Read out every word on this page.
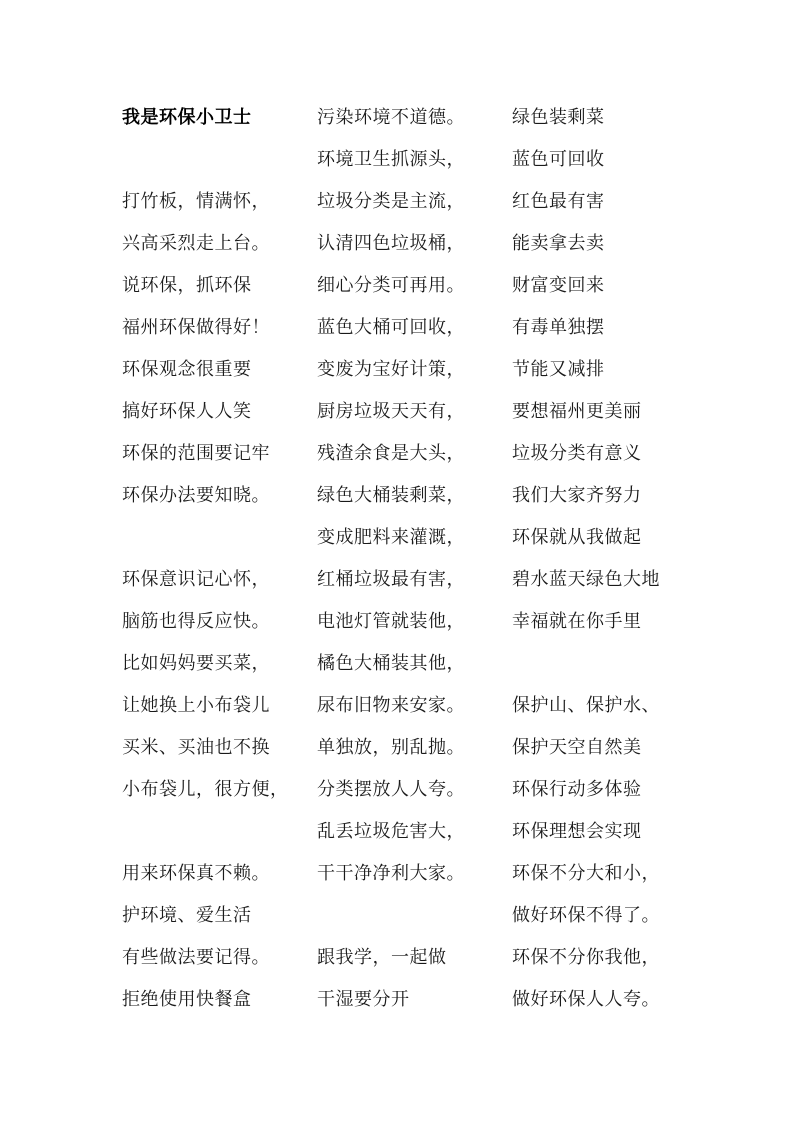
我是环保小卫士
打竹板，情满怀，
兴高采烈走上台。
说环保，抓环保
福州环保做得好！
环保观念很重要
搞好环保人人笑
环保的范围要记牢
环保办法要知晓。
环保意识记心怀，
脑筋也得反应快。
比如妈妈要买菜，
让她换上小布袋儿
买米、买油也不换
小布袋儿，很方便，
用来环保真不赖。
护环境、爱生活
有些做法要记得。
拒绝使用快餐盒
污染环境不道德。
环境卫生抓源头，
垃圾分类是主流，
认清四色垃圾桶，
细心分类可再用。
蓝色大桶可回收，
变废为宝好计策，
厨房垃圾天天有，
残渣余食是大头，
绿色大桶装剩菜，
变成肥料来灌溉，
红桶垃圾最有害，
电池灯管就装他，
橘色大桶装其他，
尿布旧物来安家。
单独放，别乱抛。
分类摆放人人夸。
乱丢垃圾危害大，
干干净净利大家。
跟我学，一起做
干湿要分开
绿色装剩菜
蓝色可回收
红色最有害
能卖拿去卖
财富变回来
有毒单独摆
节能又减排
要想福州更美丽
垃圾分类有意义
我们大家齐努力
环保就从我做起
碧水蓝天绿色大地
幸福就在你手里
保护山、保护水、
保护天空自然美
环保行动多体验
环保理想会实现
环保不分大和小，
做好环保不得了。
环保不分你我他，
做好环保人人夸。
